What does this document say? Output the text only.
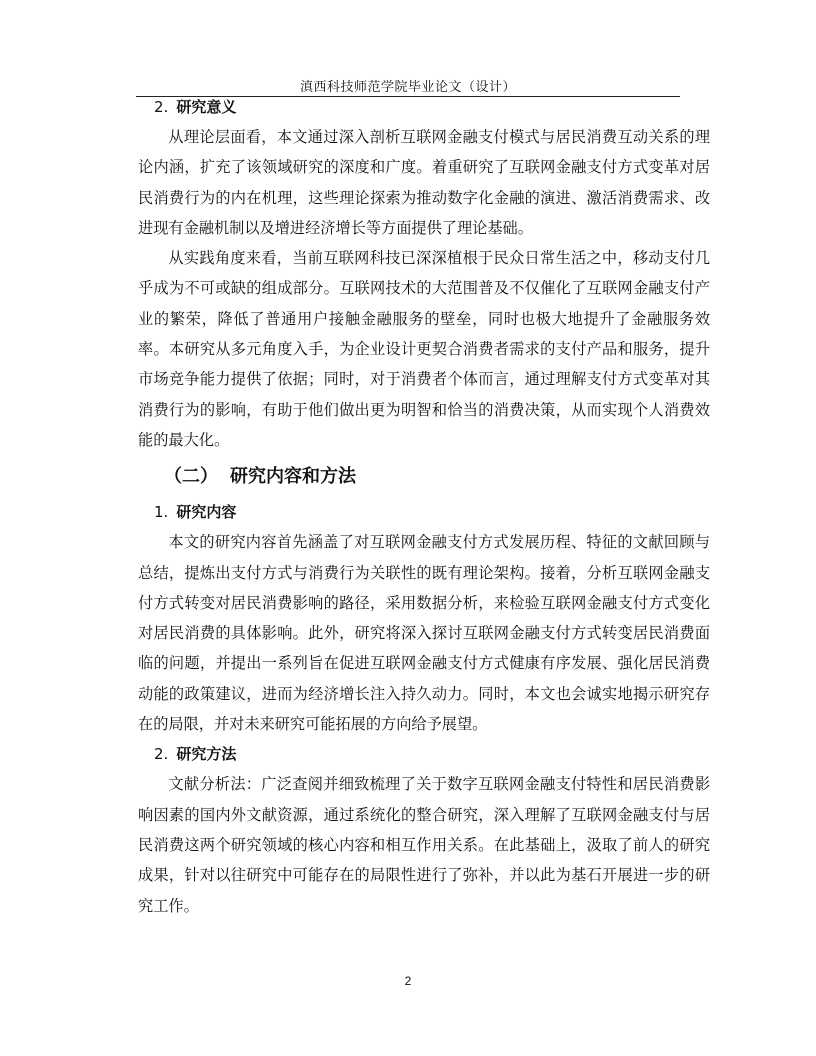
滇西科技师范学院毕业论文（设计）
2. 研究意义

从理论层面看，本文通过深入剖析互联网金融支付模式与居民消费互动关系的理论内涵，扩充了该领域研究的深度和广度。着重研究了互联网金融支付方式变革对居民消费行为的内在机理，这些理论探索为推动数字化金融的演进、激活消费需求、改进现有金融机制以及增进经济增长等方面提供了理论基础。

从实践角度来看，当前互联网科技已深深植根于民众日常生活之中，移动支付几乎成为不可或缺的组成部分。互联网技术的大范围普及不仅催化了互联网金融支付产业的繁荣，降低了普通用户接触金融服务的壁垒，同时也极大地提升了金融服务效率。本研究从多元角度入手，为企业设计更契合消费者需求的支付产品和服务，提升市场竞争能力提供了依据；同时，对于消费者个体而言，通过理解支付方式变革对其消费行为的影响，有助于他们做出更为明智和恰当的消费决策，从而实现个人消费效能的最大化。

（二） 研究内容和方法
1. 研究内容

本文的研究内容首先涵盖了对互联网金融支付方式发展历程、特征的文献回顾与总结，提炼出支付方式与消费行为关联性的既有理论架构。接着，分析互联网金融支付方式转变对居民消费影响的路径，采用数据分析，来检验互联网金融支付方式变化对居民消费的具体影响。此外，研究将深入探讨互联网金融支付方式转变居民消费面临的问题，并提出一系列旨在促进互联网金融支付方式健康有序发展、强化居民消费动能的政策建议，进而为经济增长注入持久动力。同时，本文也会诚实地揭示研究存在的局限，并对未来研究可能拓展的方向给予展望。

2. 研究方法

文献分析法：广泛查阅并细致梳理了关于数字互联网金融支付特性和居民消费影响因素的国内外文献资源，通过系统化的整合研究，深入理解了互联网金融支付与居民消费这两个研究领域的核心内容和相互作用关系。在此基础上，汲取了前人的研究成果，针对以往研究中可能存在的局限性进行了弥补，并以此为基石开展进一步的研究工作。

2
